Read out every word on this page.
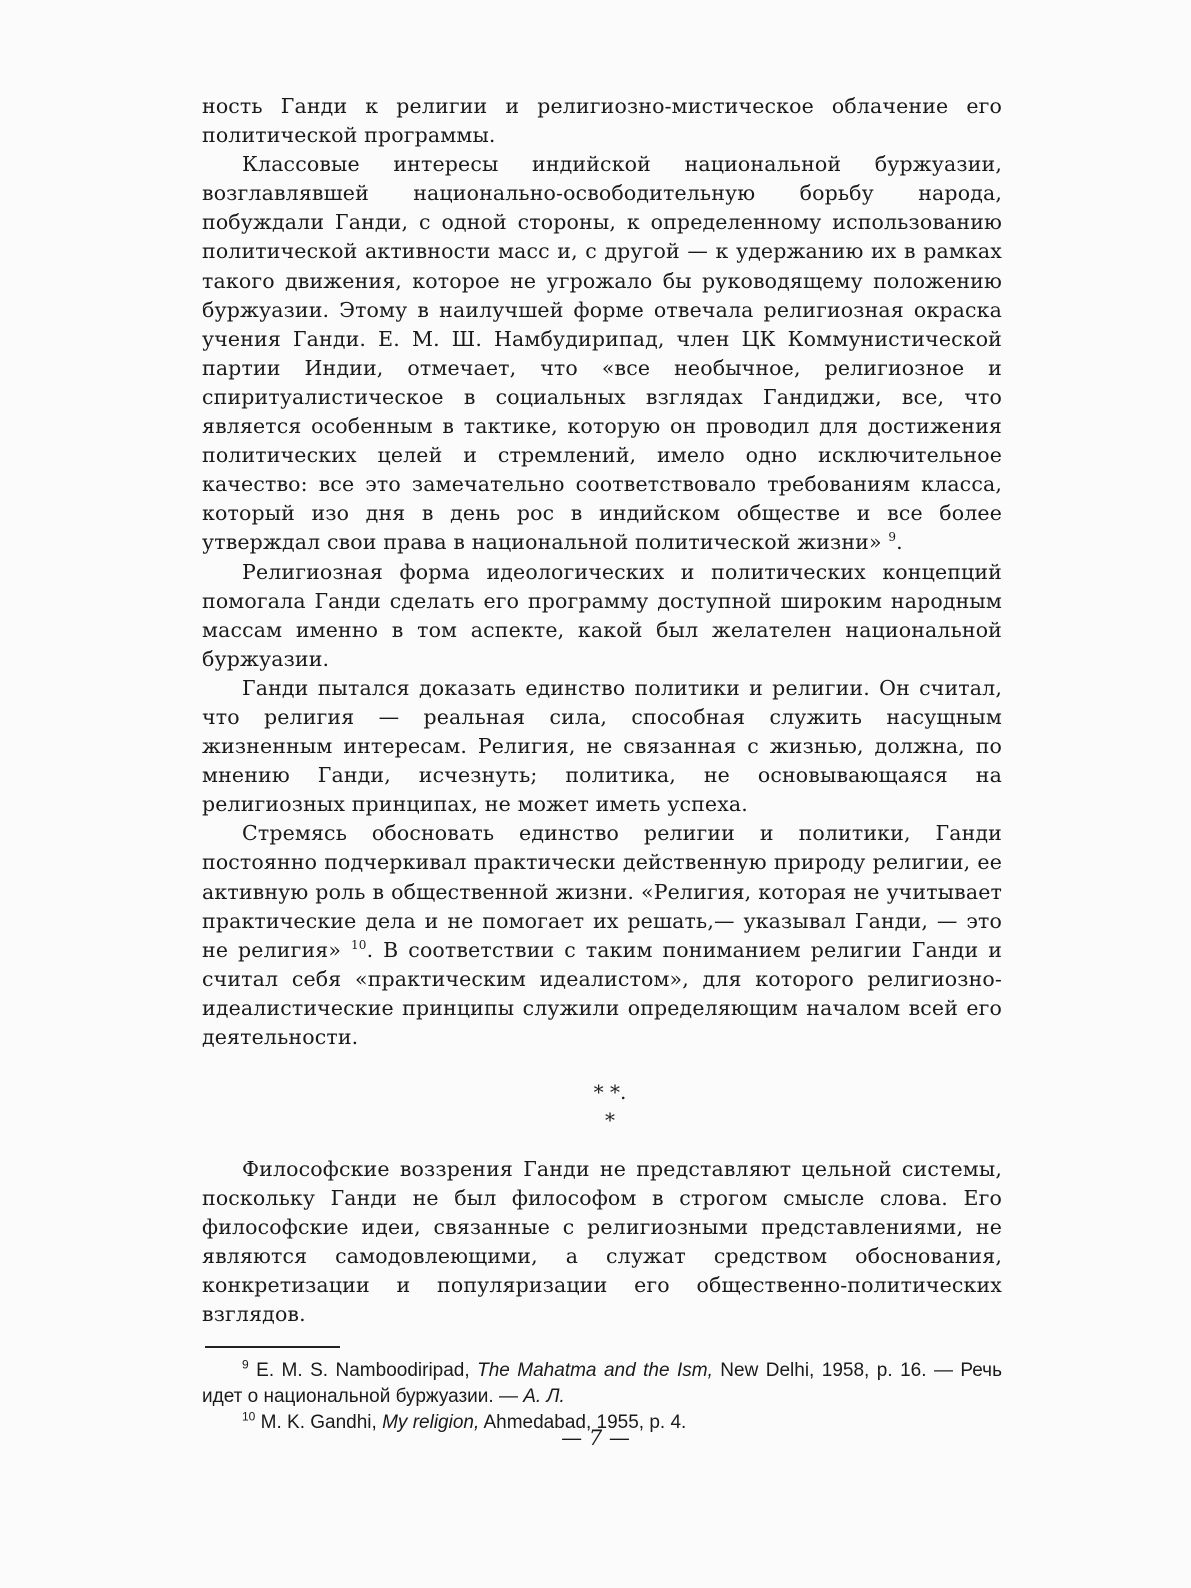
ность Ганди к религии и религиозно-мистическое облачение его политической программы.

Классовые интересы индийской национальной буржуазии, возглавлявшей национально-освободительную борьбу народа, побуждали Ганди, с одной стороны, к определенному использованию политической активности масс и, с другой — к удержанию их в рамках такого движения, которое не угрожало бы руководящему положению буржуазии. Этому в наилучшей форме отвечала религиозная окраска учения Ганди. Е. М. Ш. Намбудирипад, член ЦК Коммунистической партии Индии, отмечает, что «все необычное, религиозное и спиритуалистическое в социальных взглядах Гандиджи, все, что является особенным в тактике, которую он проводил для достижения политических целей и стремлений, имело одно исключительное качество: все это замечательно соответствовало требованиям класса, который изо дня в день рос в индийском обществе и все более утверждал свои права в национальной политической жизни» $^9$.

Религиозная форма идеологических и политических концепций помогала Ганди сделать его программу доступной широким народным массам именно в том аспекте, какой был желателен национальной буржуазии.

Ганди пытался доказать единство политики и религии. Он считал, что религия — реальная сила, способная служить насущным жизненным интересам. Религия, не связанная с жизнью, должна, по мнению Ганди, исчезнуть; политика, не основывающаяся на религиозных принципах, не может иметь успеха.

Стремясь обосновать единство религии и политики, Ганди постоянно подчеркивал практически действенную природу религии, ее активную роль в общественной жизни. «Религия, которая не учитывает практические дела и не помогает их решать,— указывал Ганди, — это не религия» $^{10}$. В соответствии с таким пониманием религии Ганди и считал себя «практическим идеалистом», для которого религиозно-идеалистические принципы служили определяющим началом всей его деятельности.

* *.
*

Философские воззрения Ганди не представляют цельной системы, поскольку Ганди не был философом в строгом смысле слова. Его философские идеи, связанные с религиозными представлениями, не являются самодовлеющими, а служат средством обоснования, конкретизации и популяризации его общественно-политических взглядов.

$^9$ E. M. S. Namboodiripad, The Mahatma and the Ism, New Delhi, 1958, p. 16. — Речь идет о национальной буржуазии. — А. Л.

$^{10}$ M. K. Gandhi, My religion, Ahmedabad, 1955, p. 4.

— 7 —
